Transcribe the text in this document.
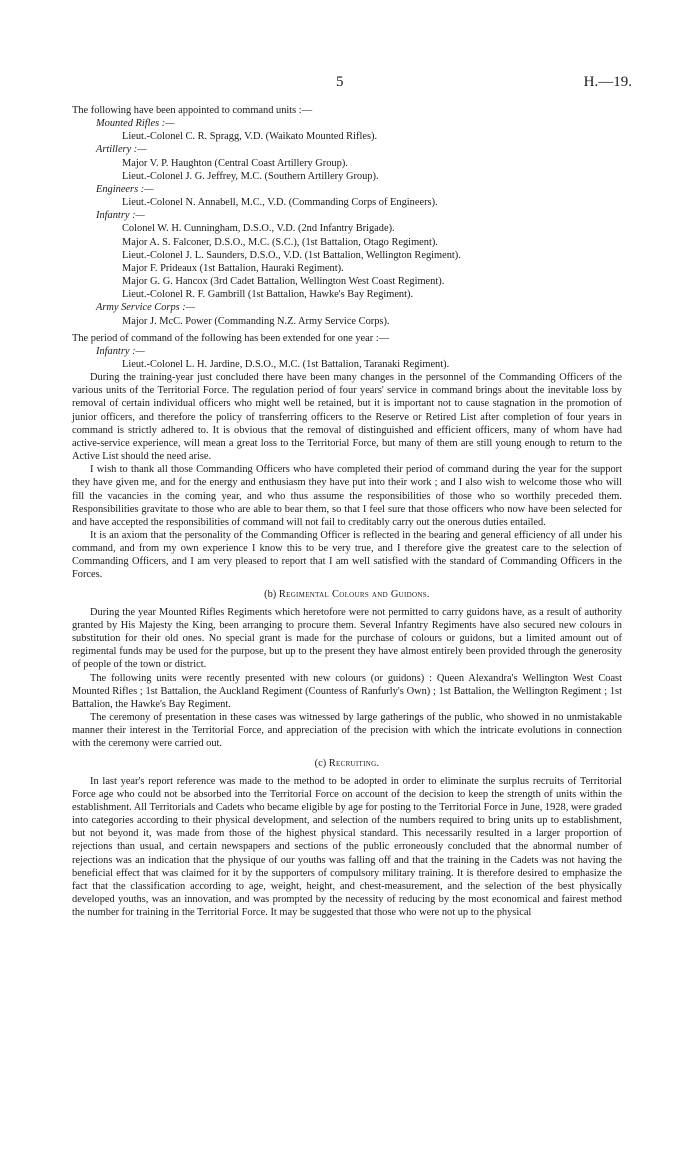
5	H.—19.
The following have been appointed to command units :—
Mounted Rifles :—
Lieut.-Colonel C. R. Spragg, V.D. (Waikato Mounted Rifles).
Artillery :—
Major V. P. Haughton (Central Coast Artillery Group).
Lieut.-Colonel J. G. Jeffrey, M.C. (Southern Artillery Group).
Engineers :—
Lieut.-Colonel N. Annabell, M.C., V.D. (Commanding Corps of Engineers).
Infantry :—
Colonel W. H. Cunningham, D.S.O., V.D. (2nd Infantry Brigade).
Major A. S. Falconer, D.S.O., M.C. (S.C.), (1st Battalion, Otago Regiment).
Lieut.-Colonel J. L. Saunders, D.S.O., V.D. (1st Battalion, Wellington Regiment).
Major F. Prideaux (1st Battalion, Hauraki Regiment).
Major G. G. Hancox (3rd Cadet Battalion, Wellington West Coast Regiment).
Lieut.-Colonel R. F. Gambrill (1st Battalion, Hawke's Bay Regiment).
Army Service Corps :—
Major J. McC. Power (Commanding N.Z. Army Service Corps).
The period of command of the following has been extended for one year :—
Infantry :—
Lieut.-Colonel L. H. Jardine, D.S.O., M.C. (1st Battalion, Taranaki Regiment).

During the training-year just concluded there have been many changes in the personnel of the Commanding Officers of the various units of the Territorial Force. The regulation period of four years' service in command brings about the inevitable loss by removal of certain individual officers who might well be retained, but it is important not to cause stagnation in the promotion of junior officers, and therefore the policy of transferring officers to the Reserve or Retired List after completion of four years in command is strictly adhered to. It is obvious that the removal of distinguished and efficient officers, many of whom have had active-service experience, will mean a great loss to the Territorial Force, but many of them are still young enough to return to the Active List should the need arise.

I wish to thank all those Commanding Officers who have completed their period of command during the year for the support they have given me, and for the energy and enthusiasm they have put into their work ; and I also wish to welcome those who will fill the vacancies in the coming year, and who thus assume the responsibilities of those who so worthily preceded them. Responsibilities gravitate to those who are able to bear them, so that I feel sure that those officers who now have been selected for and have accepted the responsibilities of command will not fail to creditably carry out the onerous duties entailed.

It is an axiom that the personality of the Commanding Officer is reflected in the bearing and general efficiency of all under his command, and from my own experience I know this to be very true, and I therefore give the greatest care to the selection of Commanding Officers, and I am very pleased to report that I am well satisfied with the standard of Commanding Officers in the Forces.

(b) Regimental Colours and Guidons.

During the year Mounted Rifles Regiments which heretofore were not permitted to carry guidons have, as a result of authority granted by His Majesty the King, been arranging to procure them. Several Infantry Regiments have also secured new colours in substitution for their old ones. No special grant is made for the purchase of colours or guidons, but a limited amount out of regimental funds may be used for the purpose, but up to the present they have almost entirely been provided through the generosity of people of the town or district.

The following units were recently presented with new colours (or guidons) : Queen Alexandra's Wellington West Coast Mounted Rifles ; 1st Battalion, the Auckland Regiment (Countess of Ranfurly's Own) ; 1st Battalion, the Wellington Regiment ; 1st Battalion, the Hawke's Bay Regiment.

The ceremony of presentation in these cases was witnessed by large gatherings of the public, who showed in no unmistakable manner their interest in the Territorial Force, and appreciation of the precision with which the intricate evolutions in connection with the ceremony were carried out.

(c) Recruiting.

In last year's report reference was made to the method to be adopted in order to eliminate the surplus recruits of Territorial Force age who could not be absorbed into the Territorial Force on account of the decision to keep the strength of units within the establishment. All Territorials and Cadets who became eligible by age for posting to the Territorial Force in June, 1928, were graded into categories according to their physical development, and selection of the numbers required to bring units up to establishment, but not beyond it, was made from those of the highest physical standard. This necessarily resulted in a larger proportion of rejections than usual, and certain newspapers and sections of the public erroneously concluded that the abnormal number of rejections was an indication that the physique of our youths was falling off and that the training in the Cadets was not having the beneficial effect that was claimed for it by the supporters of compulsory military training. It is therefore desired to emphasize the fact that the classification according to age, weight, height, and chest-measurement, and the selection of the best physically developed youths, was an innovation, and was prompted by the necessity of reducing by the most economical and fairest method the number for training in the Territorial Force. It may be suggested that those who were not up to the physical
